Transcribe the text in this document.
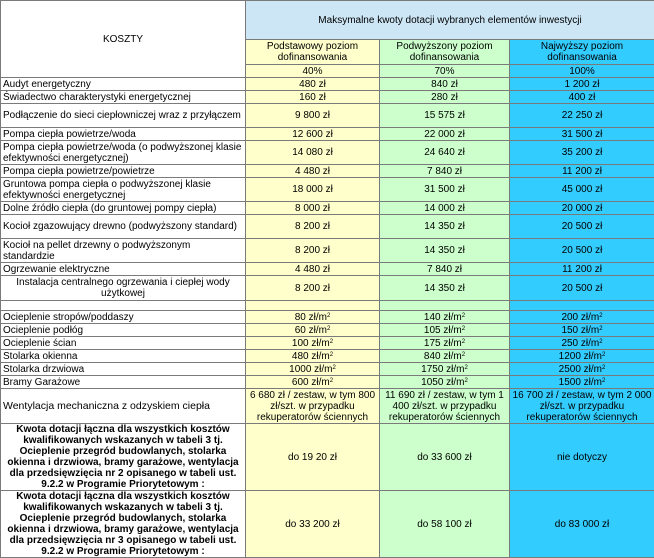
KOSZTY	Maksymalne kwoty dotacji wybranych elementów inwestycji		
	Podstawowy poziom dofinansowania	Podwyższony poziom dofinansowania	Najwyższy poziom dofinansowania
	40%	70%	100%
Audyt energetyczny	480 zł	840 zł	1 200 zł
Świadectwo charakterystyki energetycznej	160 zł	280 zł	400 zł
Podłączenie do sieci ciepłowniczej wraz z przyłączem	9 800 zł	15 575 zł	22 250 zł
Pompa ciepła powietrze/woda	12 600 zł	22 000 zł	31 500 zł
Pompa ciepła powietrze/woda (o podwyższonej klasie efektywności energetycznej)	14 080 zł	24 640 zł	35 200 zł
Pompa ciepła powietrze/powietrze	4 480 zł	7 840 zł	11 200 zł
Gruntowa pompa ciepła o podwyższonej klasie efektywności energetycznej	18 000 zł	31 500 zł	45 000 zł
Dolne źródło ciepła (do gruntowej pompy ciepła)	8 000 zł	14 000 zł	20 000 zł
Kocioł zgazowujący drewno (podwyższony standard)	8 200 zł	14 350 zł	20 500 zł
Kocioł na pellet drzewny o podwyższonym standardzie	8 200 zł	14 350 zł	20 500 zł
Ogrzewanie elektryczne	4 480 zł	7 840 zł	11 200 zł
Instalacja centralnego ogrzewania i ciepłej wody użytkowej	8 200 zł	14 350 zł	20 500 zł

Ocieplenie stropów/poddaszy	80 $zł/m^2$	140 $zł/m^2$	200 $zł/m^2$
Ocieplenie podłóg	60 $zł/m^2$	105 $zł/m^2$	150 $zł/m^2$
Ocieplenie ścian	100 $zł/m^2$	175 $zł/m^2$	250 $zł/m^2$
Stolarka okienna	480 $zł/m^2$	840 $zł/m^2$	1200 $zł/m^2$
Stolarka drzwiowa	1000 $zł/m^2$	1750 $zł/m^2$	2500 $zł/m^2$
Bramy Garażowe	600 $zł/m^2$	1050 $zł/m^2$	1500 $zł/m^2$
Wentylacja mechaniczna z odzyskiem ciepła	6 680 zł / zestaw, w tym 800 zł/szt. w przypadku rekuperatorów ściennych	11 690 zł / zestaw, w tym 1 400 zł/szt. w przypadku rekuperatorów ściennych	16 700 zł / zestaw, w tym 2 000 zł/szt. w przypadku rekuperatorów ściennych
Kwota dotacji łączna dla wszystkich kosztów kwalifikowanych wskazanych w tabeli 3 tj. Ocieplenie przegród budowlanych, stolarka okienna i drzwiowa, bramy garażowe, wentylacja dla przedsięwzięcia nr 2 opisanego w tabeli ust. 9.2.2 w Programie Priorytetowym :	do 19 20 zł	do 33 600 zł	nie dotyczy
Kwota dotacji łączna dla wszystkich kosztów kwalifikowanych wskazanych w tabeli 3 tj. Ocieplenie przegród budowlanych, stolarka okienna i drzwiowa, bramy garażowe, wentylacja dla przedsięwzięcia nr 3 opisanego w tabeli ust. 9.2.2 w Programie Priorytetowym :	do 33 200 zł	do 58 100 zł	do 83 000 zł
